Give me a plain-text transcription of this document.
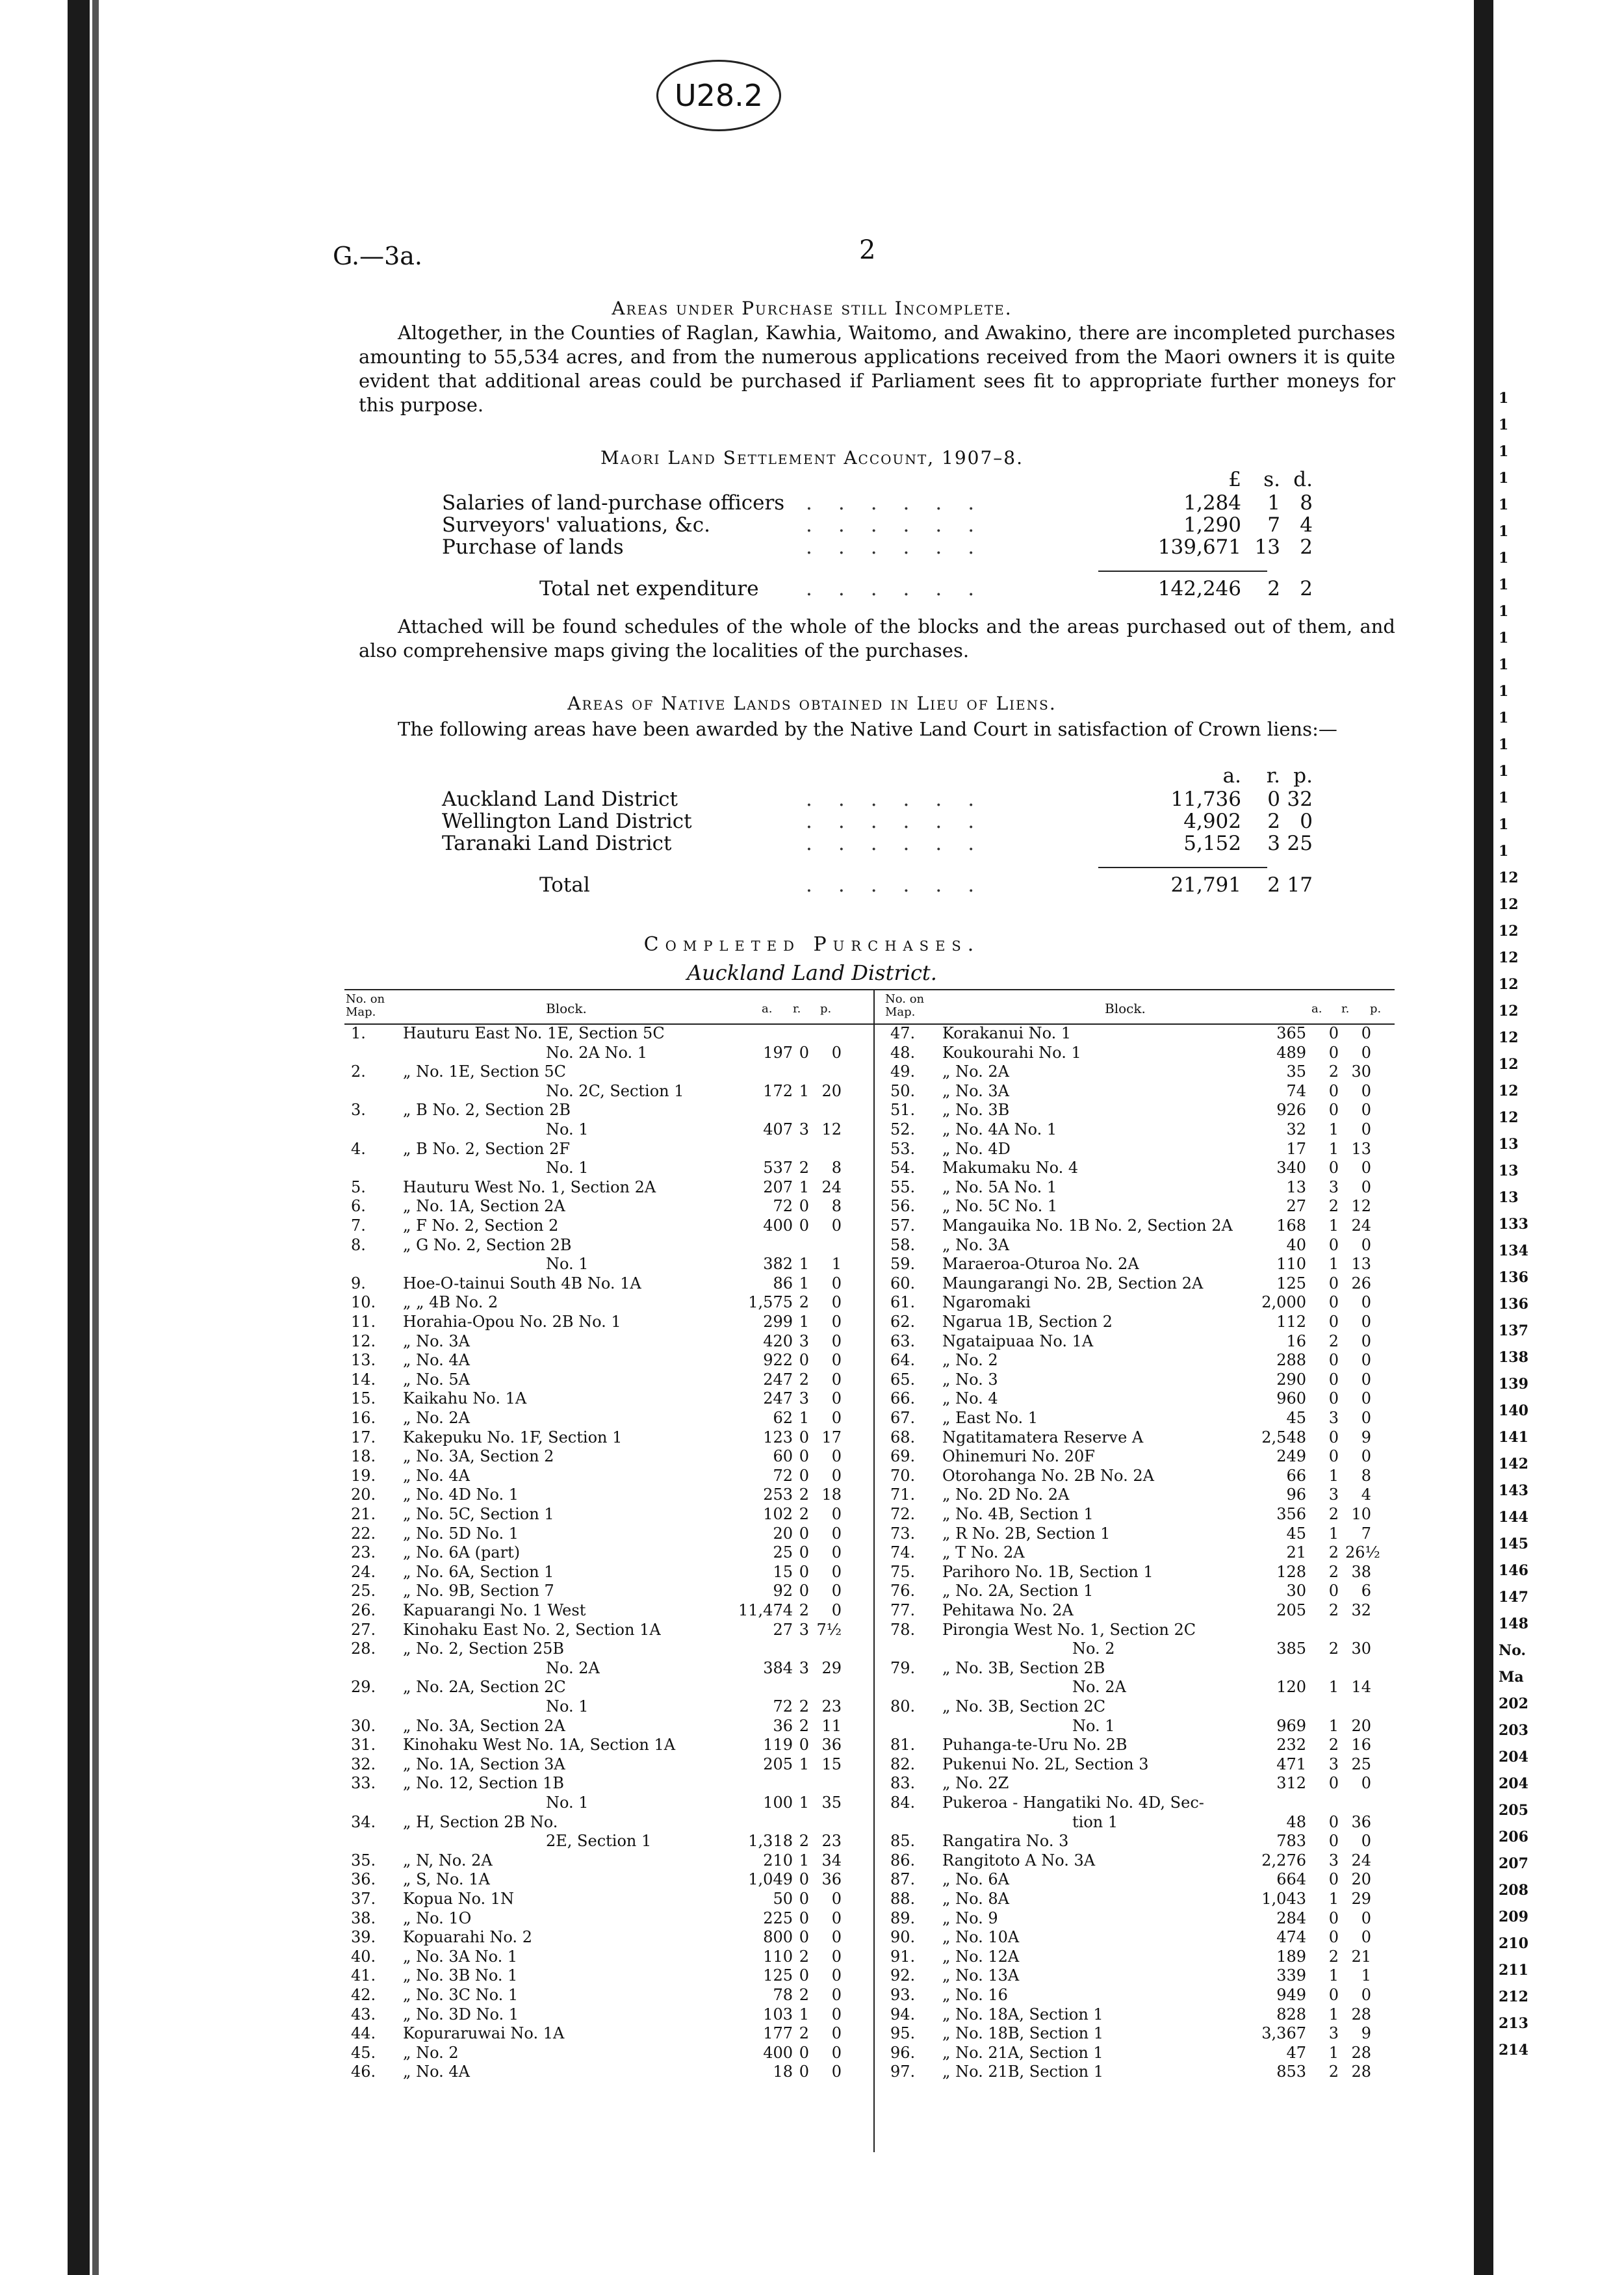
1
1
1
1
1
1
1
1
1
1
1
1
1
1
1
1
1
1
12
12
12
12
12
12
12
12
12
12
13
13
13
133
134
136
136
137
138
139
140
141
142
143
144
145
146
147
148
No.
Ma
202
203
204
204
205
206
207
208
209
210
211
212
213
214
U28.2
G.—3a.	2
Areas under Purchase still Incomplete.
Altogether, in the Counties of Raglan, Kawhia, Waitomo, and Awakino, there are incompleted purchases amounting to 55,534 acres, and from the numerous applications received from the Maori owners it is quite evident that additional areas could be purchased if Parliament sees fit to appropriate further moneys for this purpose.
Maori Land Settlement Account, 1907–8.
£	s. d.
Salaries of land-purchase officers ......	1,284	1 8
Surveyors' valuations, &c.	......	1,290	7 4
Purchase of lands	......	139,671 13 2
Total net expenditure ......	142,246	2 2
Attached will be found schedules of the whole of the blocks and the areas purchased out of them, and also comprehensive maps giving the localities of the purchases.
Areas of Native Lands obtained in Lieu of Liens.
The following areas have been awarded by the Native Land Court in satisfaction of Crown liens:—
a.	r. p.
Auckland Land District	......	11,736	0 32
Wellington Land District	......	4,902	2 0
Taranaki Land District	......	5,152	3 25
Total	......	21,791	2 17
Completed Purchases.
Auckland Land District.
No. on Map.	Block.	a. r. p.
No. on Map.	Block.	a. r. p.
1.	Hauturu East No. 1E, Section 5C
No. 2A No. 1	197 0	0
2.	„ No. 1E, Section 5C
No. 2C, Section 1	172 1 20
3.	„ B No. 2, Section 2B
No. 1	407 3 12
4.	„ B No. 2, Section 2F
No. 1	537 2	8
5.	Hauturu West No. 1, Section 2A	207 1 24
6.	„ No. 1A, Section 2A	72 0	8
7.	„ F No. 2, Section 2	400 0	0
8.	„ G No. 2, Section 2B
No. 1	382 1	1
9.	Hoe-O-tainui South 4B No. 1A	86 1	0
10.	„ „ 4B No. 2	1,575 2	0
11.	Horahia-Opou No. 2B No. 1	299 1	0
12.	„ No. 3A	420 3	0
13.	„ No. 4A	922 0	0
14.	„ No. 5A	247 2	0
15.	Kaikahu No. 1A	247 3	0
16.	„ No. 2A	62 1	0
17.	Kakepuku No. 1F, Section 1	123 0 17
18.	„ No. 3A, Section 2	60 0	0
19.	„ No. 4A	72 0	0
20.	„ No. 4D No. 1	253 2 18
21.	„ No. 5C, Section 1	102 2	0
22.	„ No. 5D No. 1	20 0	0
23.	„ No. 6A (part)	25 0	0
24.	„ No. 6A, Section 1	15 0	0
25.	„ No. 9B, Section 7	92 0	0
26.	Kapuarangi No. 1 West	11,474 2	0
27.	Kinohaku East No. 2, Section 1A	27 3 7½
28.	„ No. 2, Section 25B
No. 2A	384 3 29
29.	„ No. 2A, Section 2C
No. 1	72 2 23
30.	„ No. 3A, Section 2A	36 2 11
31.	Kinohaku West No. 1A, Section 1A	119 0 36
32.	„ No. 1A, Section 3A	205 1 15
33.	„ No. 12, Section 1B
No. 1	100 1 35
34.	„ H, Section 2B No.
2E, Section 1	1,318 2 23
35.	„ N, No. 2A	210 1 34
36.	„ S, No. 1A	1,049 0 36
37.	Kopua No. 1N	50 0	0
38.	„ No. 1O	225 0	0
39.	Kopuarahi No. 2	800 0	0
40.	„ No. 3A No. 1	110 2	0
41.	„ No. 3B No. 1	125 0	0
42.	„ No. 3C No. 1	78 2	0
43.	„ No. 3D No. 1	103 1	0
44.	Kopuraruwai No. 1A	177 2	0
45.	„ No. 2	400 0	0
46.	„ No. 4A	18 0	0
47.	Korakanui No. 1	365	0	0
48.	Koukourahi No. 1	489	0	0
49.	„ No. 2A	35	2 30
50.	„ No. 3A	74	0	0
51.	„ No. 3B	926	0	0
52.	„ No. 4A No. 1	32	1	0
53.	„ No. 4D	17	1 13
54.	Makumaku No. 4	340	0	0
55.	„ No. 5A No. 1	13	3	0
56.	„ No. 5C No. 1	27	2 12
57.	Mangauika No. 1B No. 2, Section 2A	168	1 24
58.	„ No. 3A	40	0	0
59.	Maraeroa-Oturoa No. 2A	110	1 13
60.	Maungarangi No. 2B, Section 2A	125	0 26
61.	Ngaromaki	2,000	0	0
62.	Ngarua 1B, Section 2	112	0	0
63.	Ngataipuaa No. 1A	16	2	0
64.	„ No. 2	288	0	0
65.	„ No. 3	290	0	0
66.	„ No. 4	960	0	0
67.	„ East No. 1	45	3	0
68.	Ngatitamatera Reserve A	2,548	0	9
69.	Ohinemuri No. 20F	249	0	0
70.	Otorohanga No. 2B No. 2A	66	1	8
71.	„ No. 2D No. 2A	96	3	4
72.	„ No. 4B, Section 1	356	2 10
73.	„ R No. 2B, Section 1	45	1	7
74.	„ T No. 2A	21	2 26½
75.	Parihoro No. 1B, Section 1	128	2 38
76.	„ No. 2A, Section 1	30	0	6
77.	Pehitawa No. 2A	205	2 32
78.	Pirongia West No. 1, Section 2C
No. 2	385	2 30
79.	„ No. 3B, Section 2B
No. 2A	120	1 14
80.	„ No. 3B, Section 2C
No. 1	969	1 20
81.	Puhanga-te-Uru No. 2B	232	2 16
82.	Pukenui No. 2L, Section 3	471	3 25
83.	„ No. 2Z	312	0	0
84.	Pukeroa - Hangatiki No. 4D, Sec-
tion 1	48	0 36
85.	Rangatira No. 3	783	0	0
86.	Rangitoto A No. 3A	2,276	3 24
87.	„ No. 6A	664	0 20
88.	„ No. 8A	1,043	1 29
89.	„ No. 9	284	0	0
90.	„ No. 10A	474	0	0
91.	„ No. 12A	189	2 21
92.	„ No. 13A	339	1	1
93.	„ No. 16	949	0	0
94.	„ No. 18A, Section 1	828	1 28
95.	„ No. 18B, Section 1	3,367	3	9
96.	„ No. 21A, Section 1	47	1 28
97.	„ No. 21B, Section 1	853	2 28
